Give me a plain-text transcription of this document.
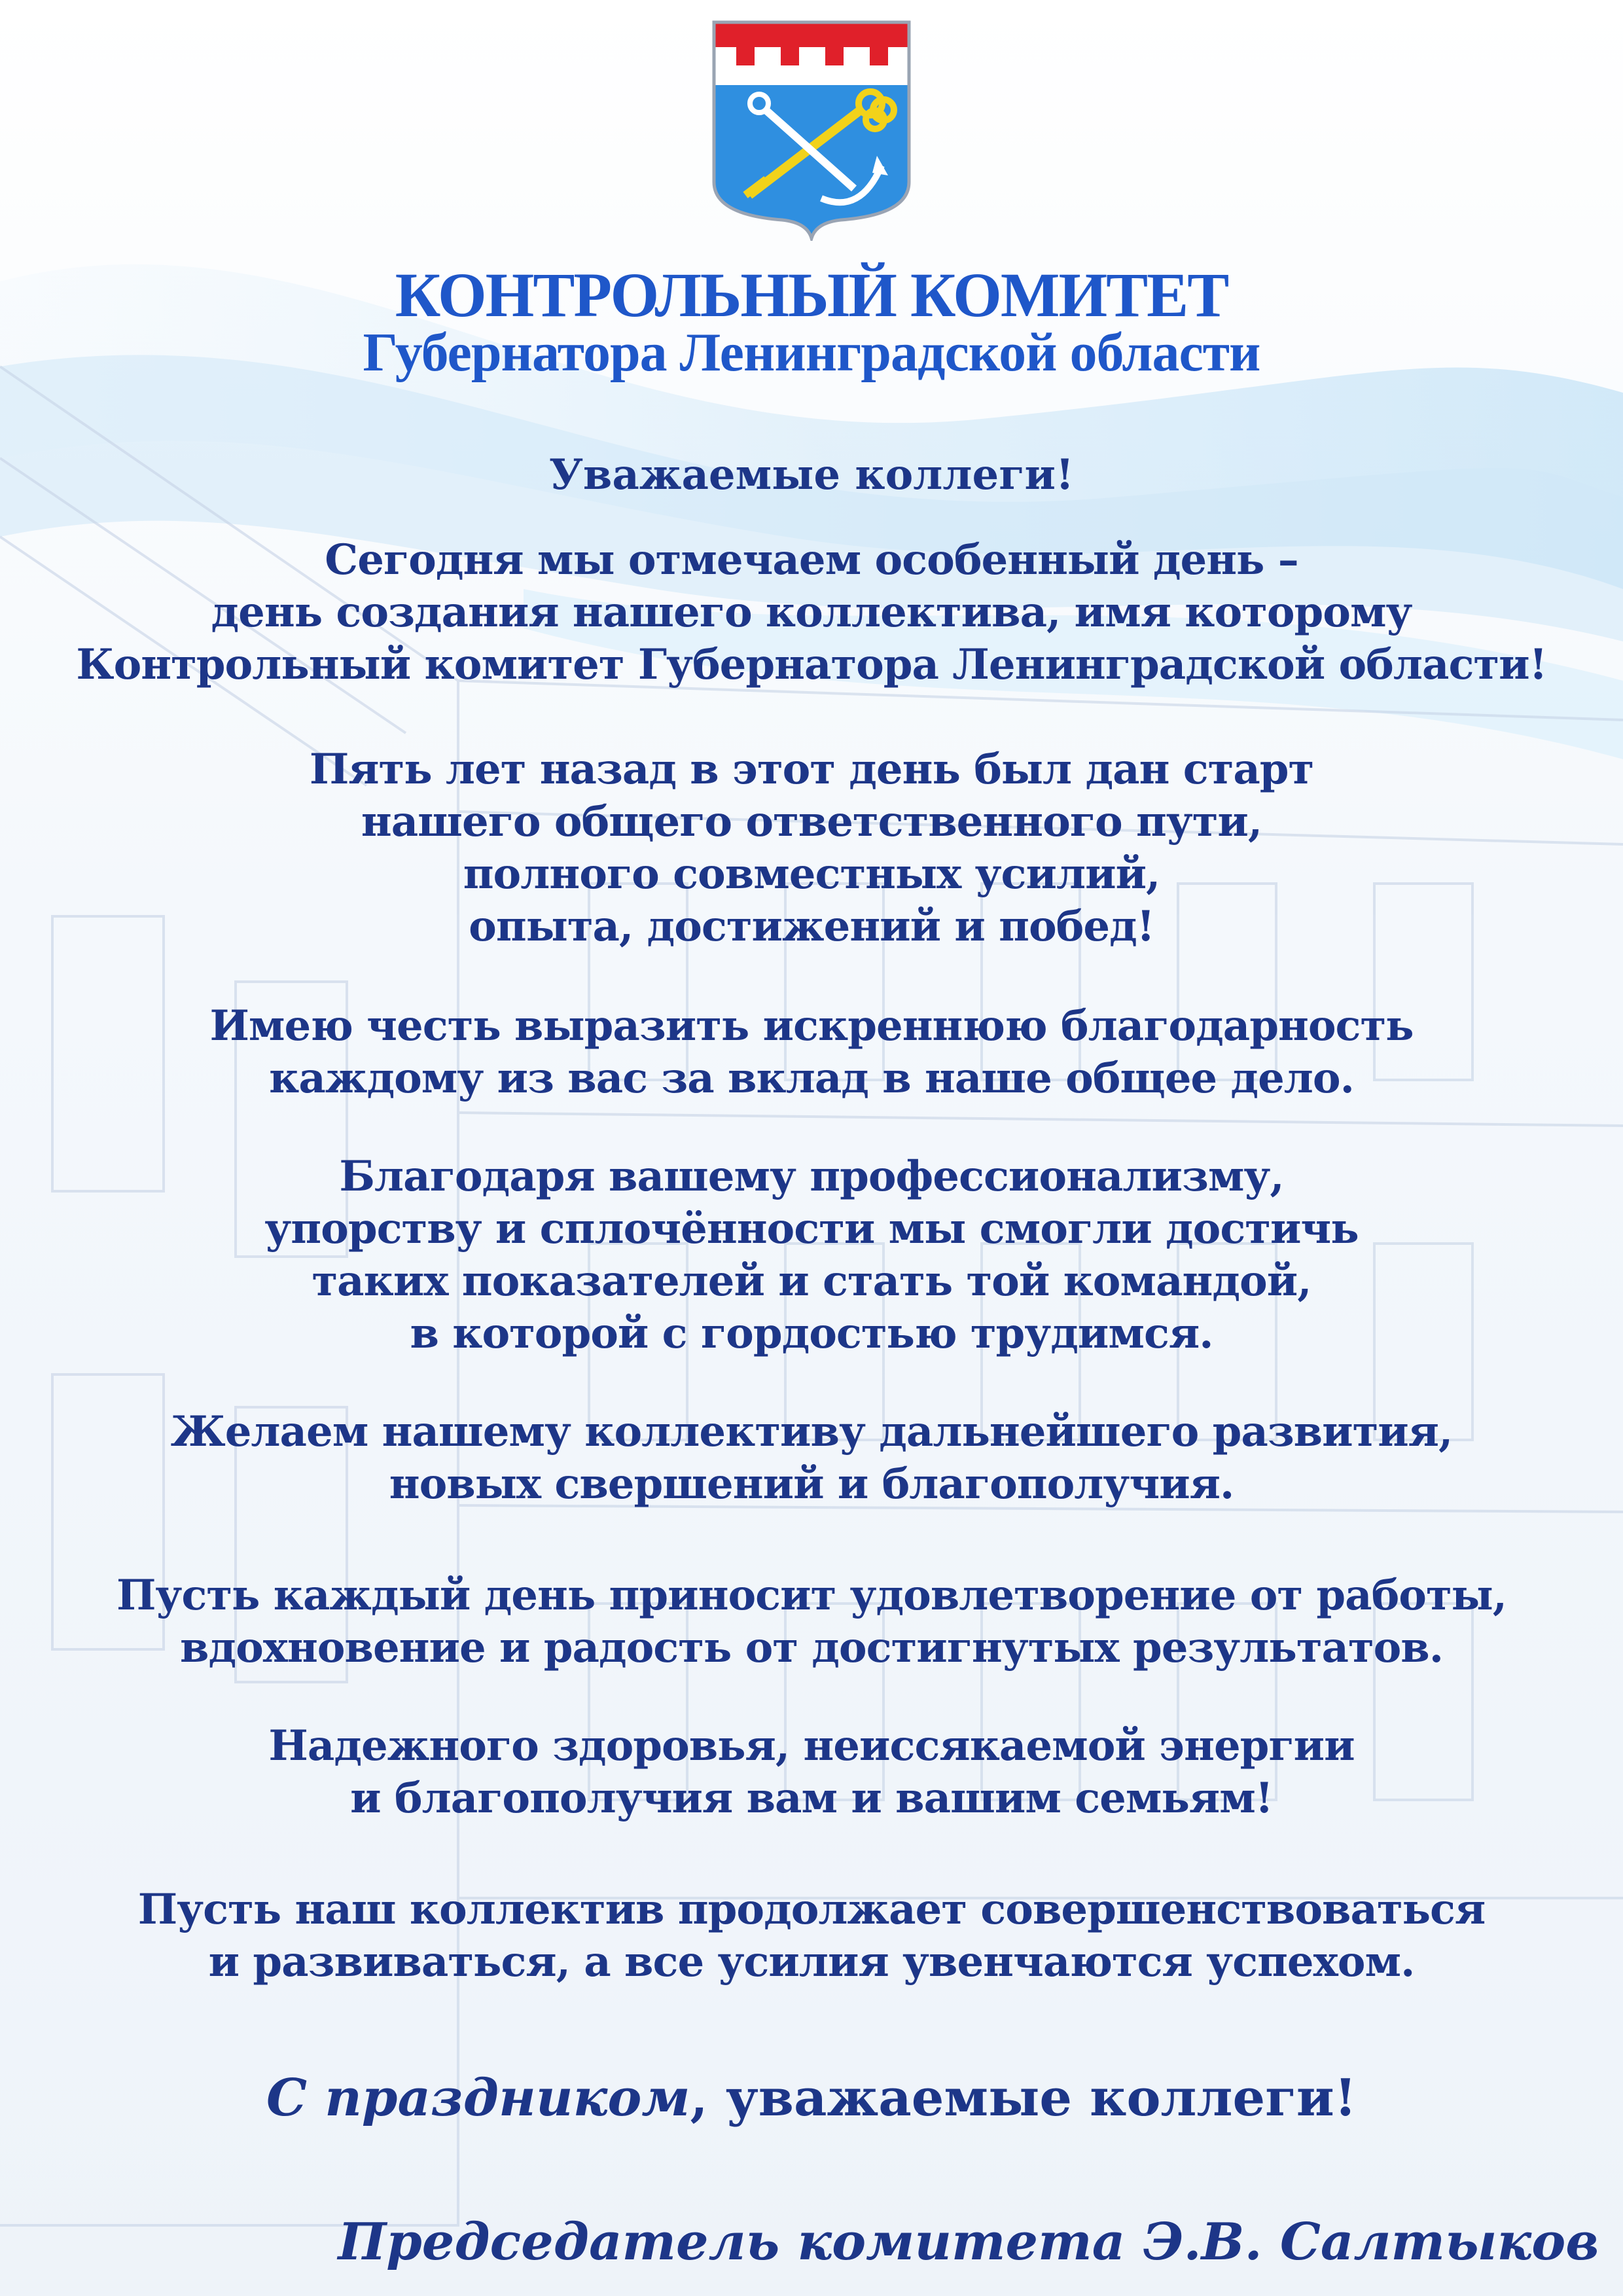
КОНТРОЛЬНЫЙ КОМИТЕТ
Губернатора Ленинградской области
Уважаемые коллеги!
Сегодня мы отмечаем особенный день –
день создания нашего коллектива, имя которому
Контрольный комитет Губернатора Ленинградской области!
Пять лет назад в этот день был дан старт
нашего общего ответственного пути,
полного совместных усилий,
опыта, достижений и побед!
Имею честь выразить искреннюю благодарность
каждому из вас за вклад в наше общее дело.
Благодаря вашему профессионализму,
упорству и сплочённости мы смогли достичь
таких показателей и стать той командой,
в которой с гордостью трудимся.
Желаем нашему коллективу дальнейшего развития,
новых свершений и благополучия.
Пусть каждый день приносит удовлетворение от работы,
вдохновение и радость от достигнутых результатов.
Надежного здоровья, неиссякаемой энергии
и благополучия вам и вашим семьям!
Пусть наш коллектив продолжает совершенствоваться
и развиваться, а все усилия увенчаются успехом.
С праздником, уважаемые коллеги!
Председатель комитета Э.В. Салтыков
